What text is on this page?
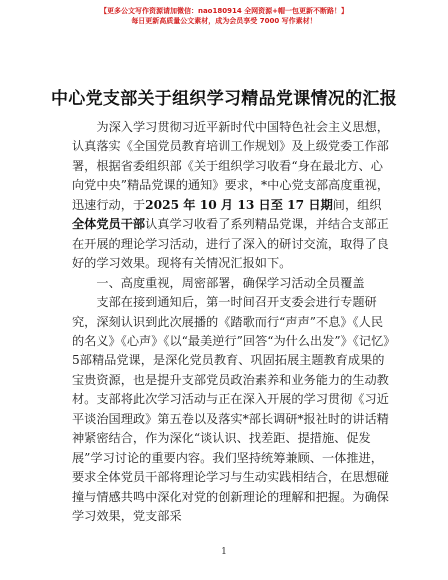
【更多公文写作资源请加微信：nao180914 全网资源+帽一包更新不断路！】
每日更新高质量公文素材，成为会员享受 7000 写作素材！
中心党支部关于组织学习精品党课情况的汇报

为深入学习贯彻习近平新时代中国特色社会主义思想，认真落实《全国党员教育培训工作规划》及上级党委工作部署，根据省委组织部《关于组织学习收看“身在最北方、心向党中央”精品党课的通知》要求，*中心党支部高度重视，迅速行动，于2025 年 10 月 13 日至 17 日期间，组织全体党员干部认真学习收看了系列精品党课，并结合支部正在开展的理论学习活动，进行了深入的研讨交流，取得了良好的学习效果。现将有关情况汇报如下。

一、高度重视，周密部署，确保学习活动全员覆盖

支部在接到通知后，第一时间召开支委会进行专题研究，深刻认识到此次展播的《踏歌而行“声声”不息》《人民的名义》《心声》《以“最美逆行”回答“为什么出发”》《记忆》5部精品党课，是深化党员教育、巩固拓展主题教育成果的宝贵资源，也是提升支部党员政治素养和业务能力的生动教材。支部将此次学习活动与正在深入开展的学习贯彻《习近平谈治国理政》第五卷以及落实*部长调研*报社时的讲话精神紧密结合，作为深化“谈认识、找差距、提措施、促发展”学习讨论的重要内容。我们坚持统筹兼顾、一体推进，要求全体党员干部将理论学习与生动实践相结合，在思想碰撞与情感共鸣中深化对党的创新理论的理解和把握。为确保学习效果，党支部采

1
